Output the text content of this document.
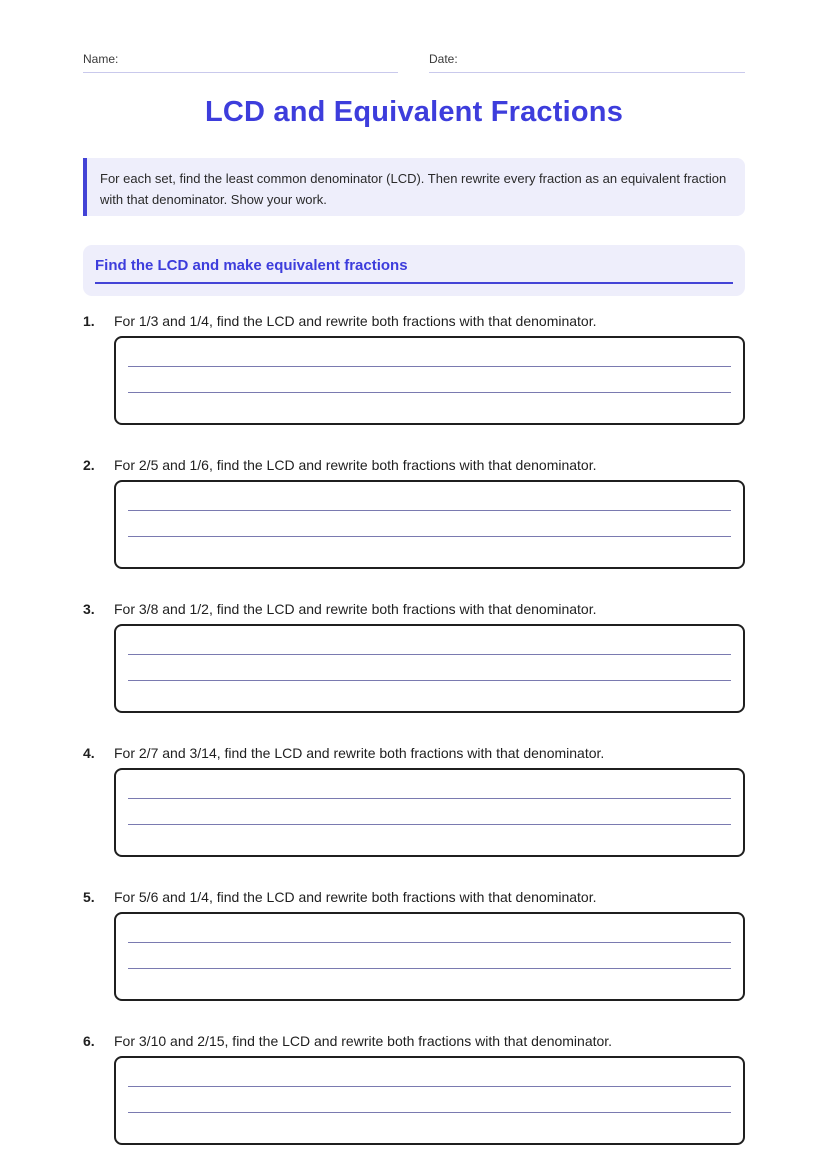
Name:	Date:
LCD and Equivalent Fractions

For each set, find the least common denominator (LCD). Then rewrite every fraction as an equivalent fraction with that denominator. Show your work.

Find the LCD and make equivalent fractions
1. For 1/3 and 1/4, find the LCD and rewrite both fractions with that denominator.
2. For 2/5 and 1/6, find the LCD and rewrite both fractions with that denominator.
3. For 3/8 and 1/2, find the LCD and rewrite both fractions with that denominator.
4. For 2/7 and 3/14, find the LCD and rewrite both fractions with that denominator.
5. For 5/6 and 1/4, find the LCD and rewrite both fractions with that denominator.
6. For 3/10 and 2/15, find the LCD and rewrite both fractions with that denominator.
